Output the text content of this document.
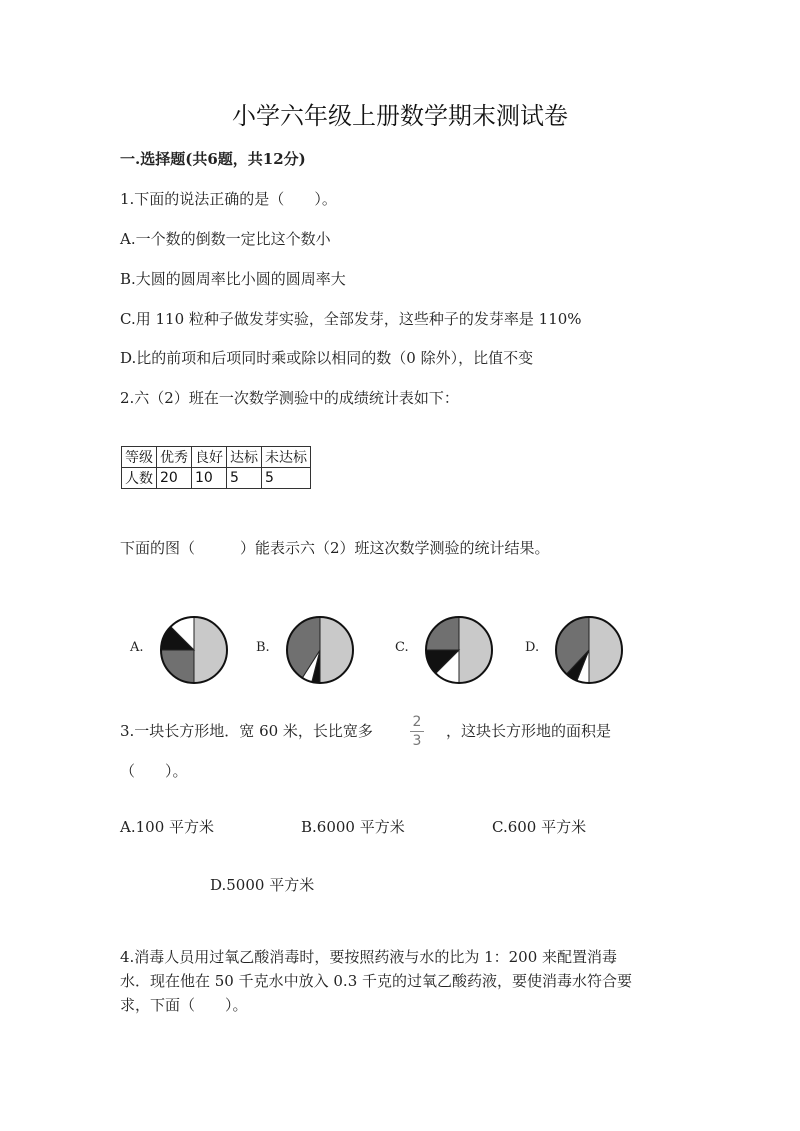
小学六年级上册数学期末测试卷
一.选择题(共6题，共12分)
1.下面的说法正确的是（　　）。
A.一个数的倒数一定比这个数小
B.大圆的圆周率比小圆的圆周率大
C.用 110 粒种子做发芽实验，全部发芽，这些种子的发芽率是 110%
D.比的前项和后项同时乘或除以相同的数（0 除外），比值不变
2.六（2）班在一次数学测验中的成绩统计表如下：
等级	优秀	良好	达标	未达标
人数	20	10	5	5
下面的图（　　　）能表示六（2）班这次数学测验的统计结果。
A.	B.	C.	D.
3.一块长方形地．宽 60 米，长比宽多	2
3
，这块长方形地的面积是
（　　）。
A.100 平方米	B.6000 平方米	C.600 平方米
D.5000 平方米
4.消毒人员用过氧乙酸消毒时，要按照药液与水的比为 1：200 来配置消毒
水．现在他在 50 千克水中放入 0.3 千克的过氧乙酸药液，要使消毒水符合要
求，下面（　　）。
